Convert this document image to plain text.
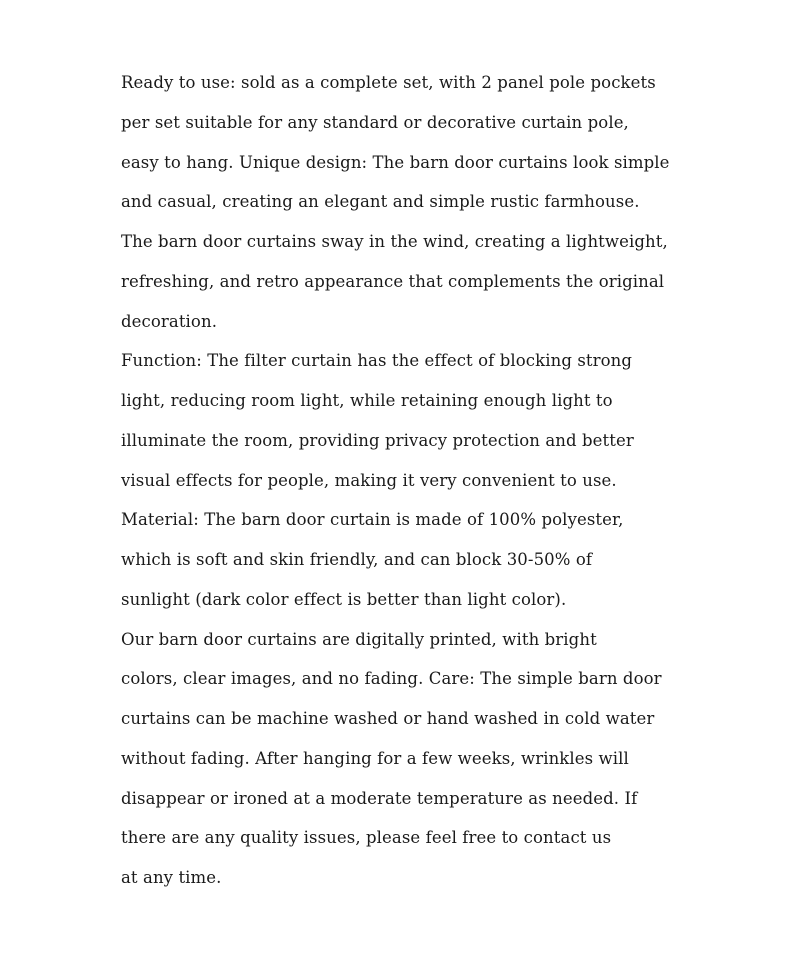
Ready to use: sold as a complete set, with 2 panel pole pockets
per set suitable for any standard or decorative curtain pole,
easy to hang. Unique design: The barn door curtains look simple
and casual, creating an elegant and simple rustic farmhouse.
The barn door curtains sway in the wind, creating a lightweight,
refreshing, and retro appearance that complements the original
decoration.
Function: The filter curtain has the effect of blocking strong
light, reducing room light, while retaining enough light to
illuminate the room, providing privacy protection and better
visual effects for people, making it very convenient to use.
Material: The barn door curtain is made of 100% polyester,
which is soft and skin friendly, and can block 30-50% of
sunlight (dark color effect is better than light color).
Our barn door curtains are digitally printed, with bright
colors, clear images, and no fading. Care: The simple barn door
curtains can be machine washed or hand washed in cold water
without fading. After hanging for a few weeks, wrinkles will
disappear or ironed at a moderate temperature as needed. If
there are any quality issues, please feel free to contact us
at any time.
